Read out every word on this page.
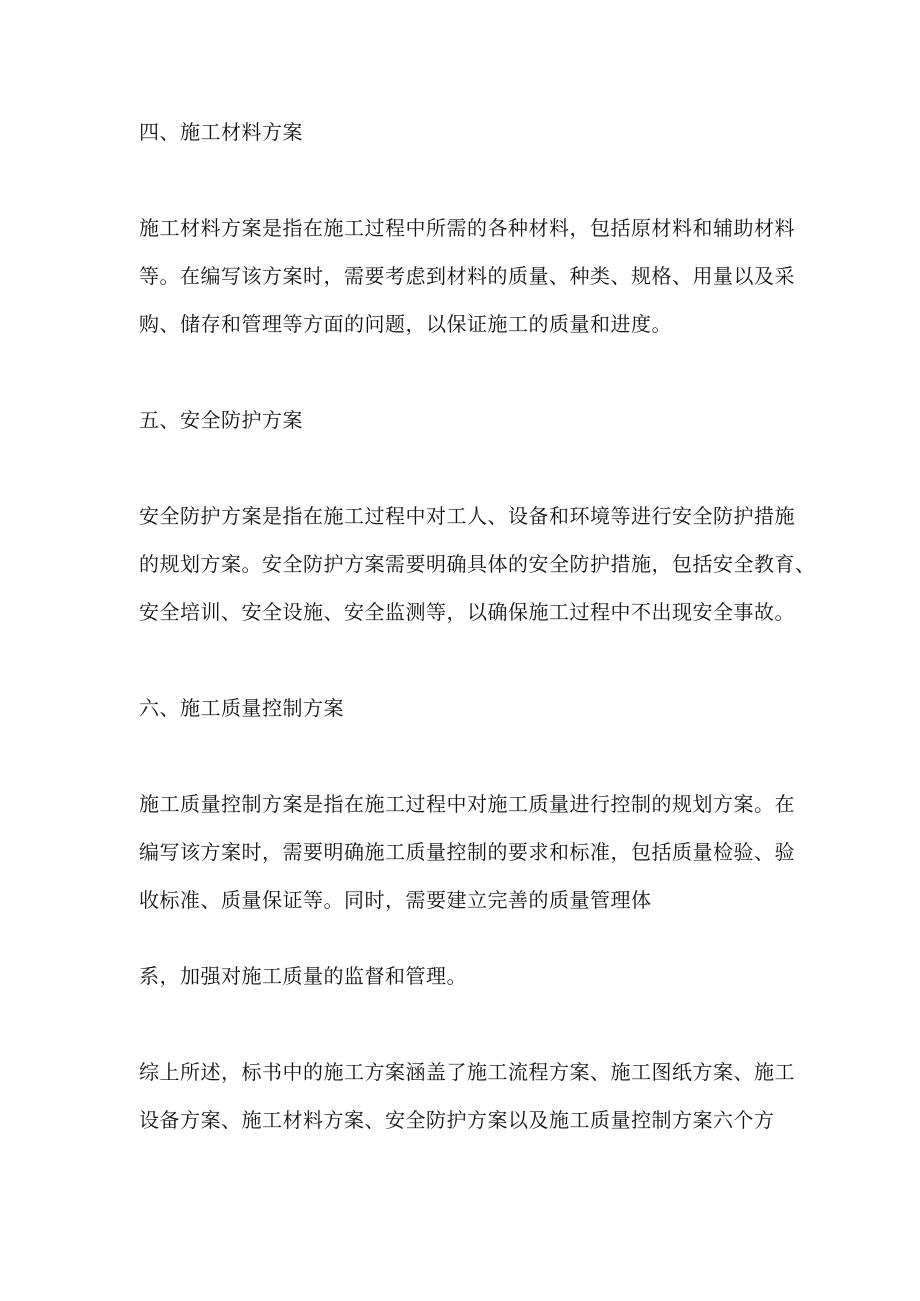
四、施工材料方案
施工材料方案是指在施工过程中所需的各种材料，包括原材料和辅助材料
等。在编写该方案时，需要考虑到材料的质量、种类、规格、用量以及采
购、储存和管理等方面的问题，以保证施工的质量和进度。
五、安全防护方案
安全防护方案是指在施工过程中对工人、设备和环境等进行安全防护措施
的规划方案。安全防护方案需要明确具体的安全防护措施，包括安全教育、
安全培训、安全设施、安全监测等，以确保施工过程中不出现安全事故。
六、施工质量控制方案
施工质量控制方案是指在施工过程中对施工质量进行控制的规划方案。在
编写该方案时，需要明确施工质量控制的要求和标准，包括质量检验、验
收标准、质量保证等。同时，需要建立完善的质量管理体
系，加强对施工质量的监督和管理。
综上所述，标书中的施工方案涵盖了施工流程方案、施工图纸方案、施工
设备方案、施工材料方案、安全防护方案以及施工质量控制方案六个方
